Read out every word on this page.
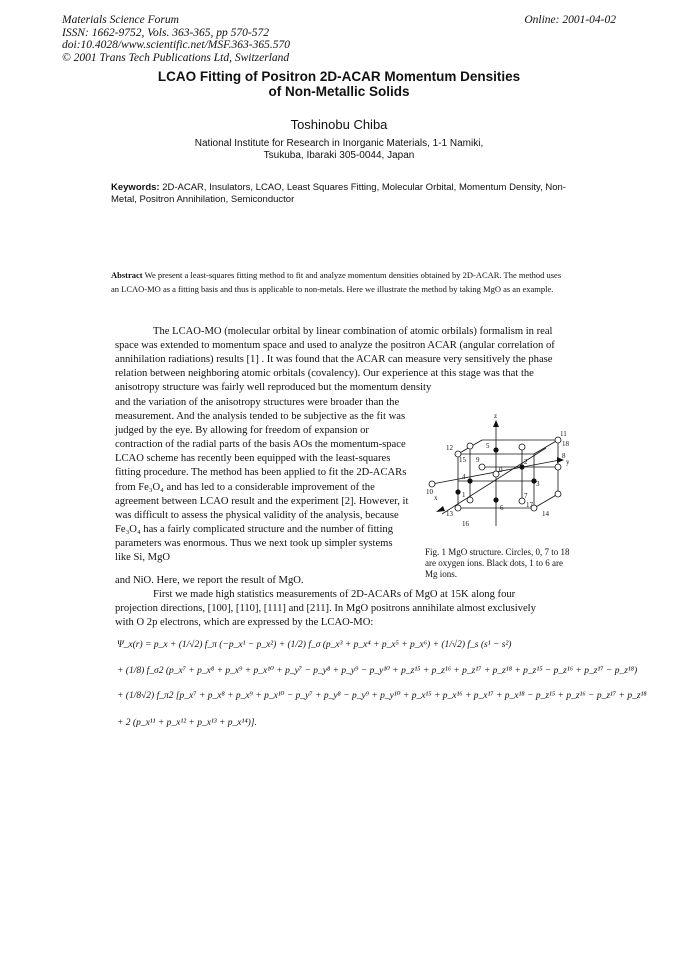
Materials Science Forum
ISSN: 1662-9752, Vols. 363-365, pp 570-572
doi:10.4028/www.scientific.net/MSF.363-365.570
© 2001 Trans Tech Publications Ltd, Switzerland
Online: 2001-04-02
LCAO Fitting of Positron 2D-ACAR Momentum Densities
of Non-Metallic Solids
Toshinobu Chiba
National Institute for Research in Inorganic Materials, 1-1 Namiki,
Tsukuba, Ibaraki 305-0044, Japan
Keywords: 2D-ACAR, Insulators, LCAO, Least Squares Fitting, Molecular Orbital, Momentum Density, Non-Metal, Positron Annihilation, Semiconductor
Abstract We present a least-squares fitting method to fit and analyze momentum densities obtained by 2D-ACAR. The method uses an LCAO-MO as a fitting basis and thus is applicable to non-metals. Here we illustrate the method by taking MgO as an example.
The LCAO-MO (molecular orbital by linear combination of atomic orbilals) formalism in real space was extended to momentum space and used to analyze the positron ACAR (angular correlation of annihilation radiations) results [1] . It was found that the ACAR can measure very sensitively the phase relation between neighboring atomic orbitals (covalency). Our experience at this stage was that the anisotropy structure was fairly well reproduced but the momentum density
and the variation of the anisotropy structures were broader than the measurement. And the analysis tended to be subjective as the fit was judged by the eye. By allowing for freedom of expansion or contraction of the radial parts of the basis AOs the momentum-space LCAO scheme has recently been equipped with the least-squares fitting procedure. The method has been applied to fit the 2D-ACARs from Fe₃O₄ and has led to a considerable improvement of the agreement between LCAO result and the experiment [2]. However, it was difficult to assess the physical validity of the analysis, because Fe₃O₄ has a fairly complicated structure and the number of fitting parameters was enormous. Thus we next took up simpler systems like Si, MgO
and NiO. Here, we report the result of MgO.
z
y
x
0
1
2
3
4
5
6
7
8
9
10
11
12
13	14
15
16
17
18
Fig. 1 MgO structure. Circles, 0, 7 to 18 are oxygen ions. Black dots, 1 to 6 are Mg ions.
First we made high statistics measurements of 2D-ACARs of MgO at 15K along four projection directions, [100], [110], [111] and [211]. In MgO positrons annihilate almost exclusively with O 2p electrons, which are expressed by the LCAO-MO:
Ψ_x(r) = p_x + (1/√2) f_π (−p_x¹ − p_x²) + (1/2) f_σ (p_x³ + p_x⁴ + p_x⁵ + p_x⁶) + (1/√2) f_s (s¹ − s²)
+ (1/8) f_σ2 (p_x⁷ + p_x⁸ + p_x⁹ + p_x¹⁰ + p_y⁷ − p_y⁸ + p_y⁹ − p_y¹⁰ + p_z¹⁵ + p_z¹⁶ + p_z¹⁷ + p_z¹⁸ + p_z¹⁵ − p_z¹⁶ + p_z¹⁷ − p_z¹⁸)
+ (1/8√2) f_π2 [p_x⁷ + p_x⁸ + p_x⁹ + p_x¹⁰ − p_y⁷ + p_y⁸ − p_y⁹ + p_y¹⁰ + p_x¹⁵ + p_x¹⁶ + p_x¹⁷ + p_x¹⁸ − p_z¹⁵ + p_z¹⁶ − p_z¹⁷ + p_z¹⁸
+ 2 (p_x¹¹ + p_x¹² + p_x¹³ + p_x¹⁴)].
